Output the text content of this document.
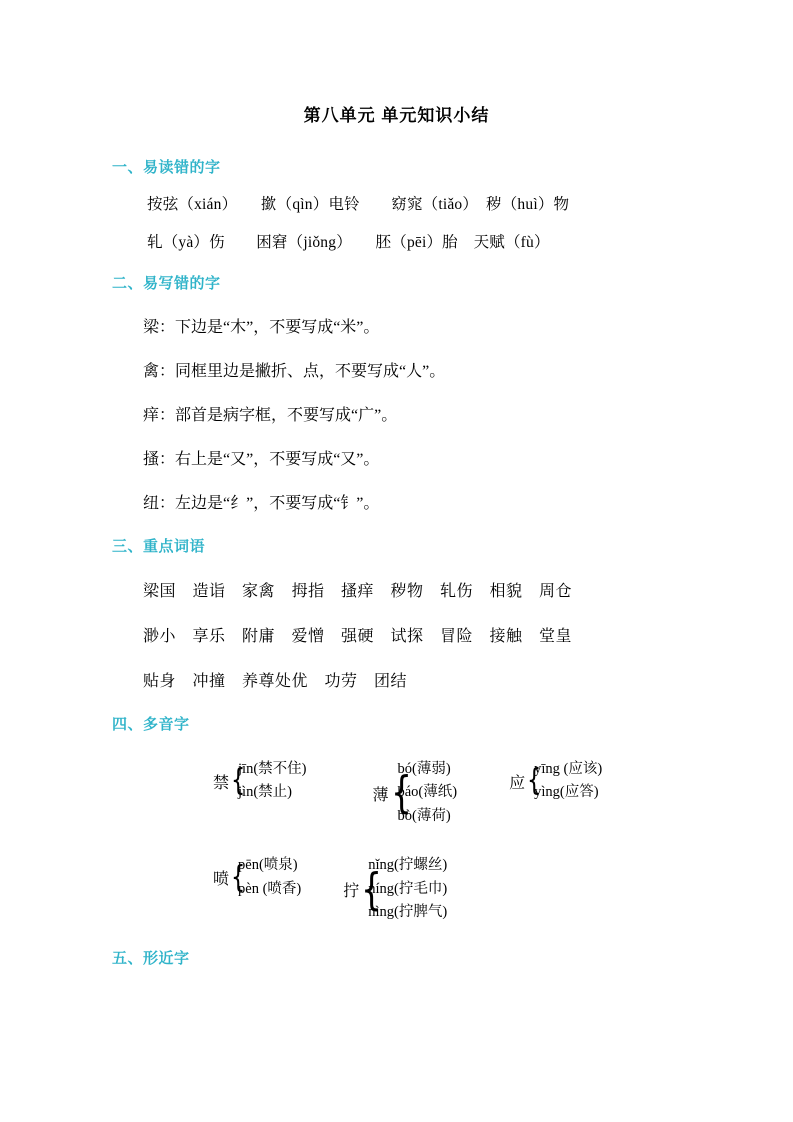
第八单元 单元知识小结
一、易读错的字
按弦（xián）　　撳（qìn）电铃　　窈窕（tiǎo）　秽（huì）物
轧（yà）伤　　困窘（jiǒng）　　胚（pēi）胎　天赋（fù）
二、易写错的字
梁：下边是“木”，不要写成“米”。
禽：同框里边是撇折、点，不要写成“人”。
痒：部首是病字框，不要写成“广”。
搔：右上是“又”，不要写成“又”。
纽：左边是“纟”，不要写成“钅”。
三、重点词语
梁国　造诣　家禽　拇指　搔痒　秽物　轧伤　相貌　周仓
渺小　享乐　附庸　爱憎　强硬　试探　冒险　接触　堂皇
贴身　冲撞　养尊处优　功劳　团结
四、多音字
禁 {
jīn(禁不住)
jìn(禁止)	薄 {
bó(薄弱)
báo(薄纸)
bò(薄荷)
应 {
yīng (应该)
yìng(应答)
喷 {
pēn(喷泉)
pèn (喷香)	拧 {
nǐng(拧螺丝)
níng(拧毛巾)
nìng(拧脾气)
五、形近字
